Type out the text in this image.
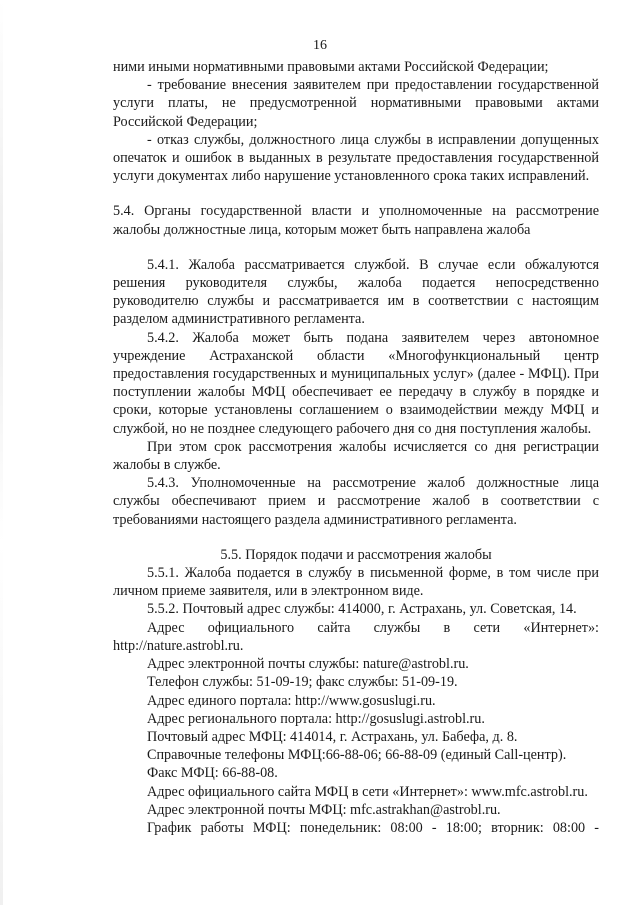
16

ними иными нормативными правовыми актами Российской Федерации;

- требование внесения заявителем при предоставлении государственной услуги платы, не предусмотренной нормативными правовыми актами Российской Федерации;

- отказ службы, должностного лица службы в исправлении допущенных опечаток и ошибок в выданных в результате предоставления государственной услуги документах либо нарушение установленного срока таких исправлений.

5.4. Органы государственной власти и уполномоченные на рассмотрение жалобы должностные лица, которым может быть направлена жалоба

5.4.1. Жалоба рассматривается службой. В случае если обжалуются решения руководителя службы, жалоба подается непосредственно руководителю службы и рассматривается им в соответствии с настоящим разделом административного регламента.

5.4.2. Жалоба может быть подана заявителем через автономное учреждение Астраханской области «Многофункциональный центр предоставления государственных и муниципальных услуг» (далее - МФЦ). При поступлении жалобы МФЦ обеспечивает ее передачу в службу в порядке и сроки, которые установлены соглашением о взаимодействии между МФЦ и службой, но не позднее следующего рабочего дня со дня поступления жалобы.

При этом срок рассмотрения жалобы исчисляется со дня регистрации жалобы в службе.

5.4.3. Уполномоченные на рассмотрение жалоб должностные лица службы обеспечивают прием и рассмотрение жалоб в соответствии с требованиями настоящего раздела административного регламента.

5.5. Порядок подачи и рассмотрения жалобы

5.5.1. Жалоба подается в службу в письменной форме, в том числе при личном приеме заявителя, или в электронном виде.

5.5.2. Почтовый адрес службы: 414000, г. Астрахань, ул. Советская, 14.

Адрес официального сайта службы в сети «Интернет»: http://nature.astrobl.ru.

Адрес электронной почты службы: nature@astrobl.ru.

Телефон службы: 51-09-19; факс службы: 51-09-19.

Адрес единого портала: http://www.gosuslugi.ru.

Адрес регионального портала: http://gosuslugi.astrobl.ru.

Почтовый адрес МФЦ: 414014, г. Астрахань, ул. Бабефа, д. 8.

Справочные телефоны МФЦ:66-88-06; 66-88-09 (единый Call-центр).

Факс МФЦ: 66-88-08.

Адрес официального сайта МФЦ в сети «Интернет»: www.mfc.astrobl.ru.

Адрес электронной почты МФЦ: mfc.astrakhan@astrobl.ru.

График работы МФЦ: понедельник: 08:00 - 18:00; вторник: 08:00 -
